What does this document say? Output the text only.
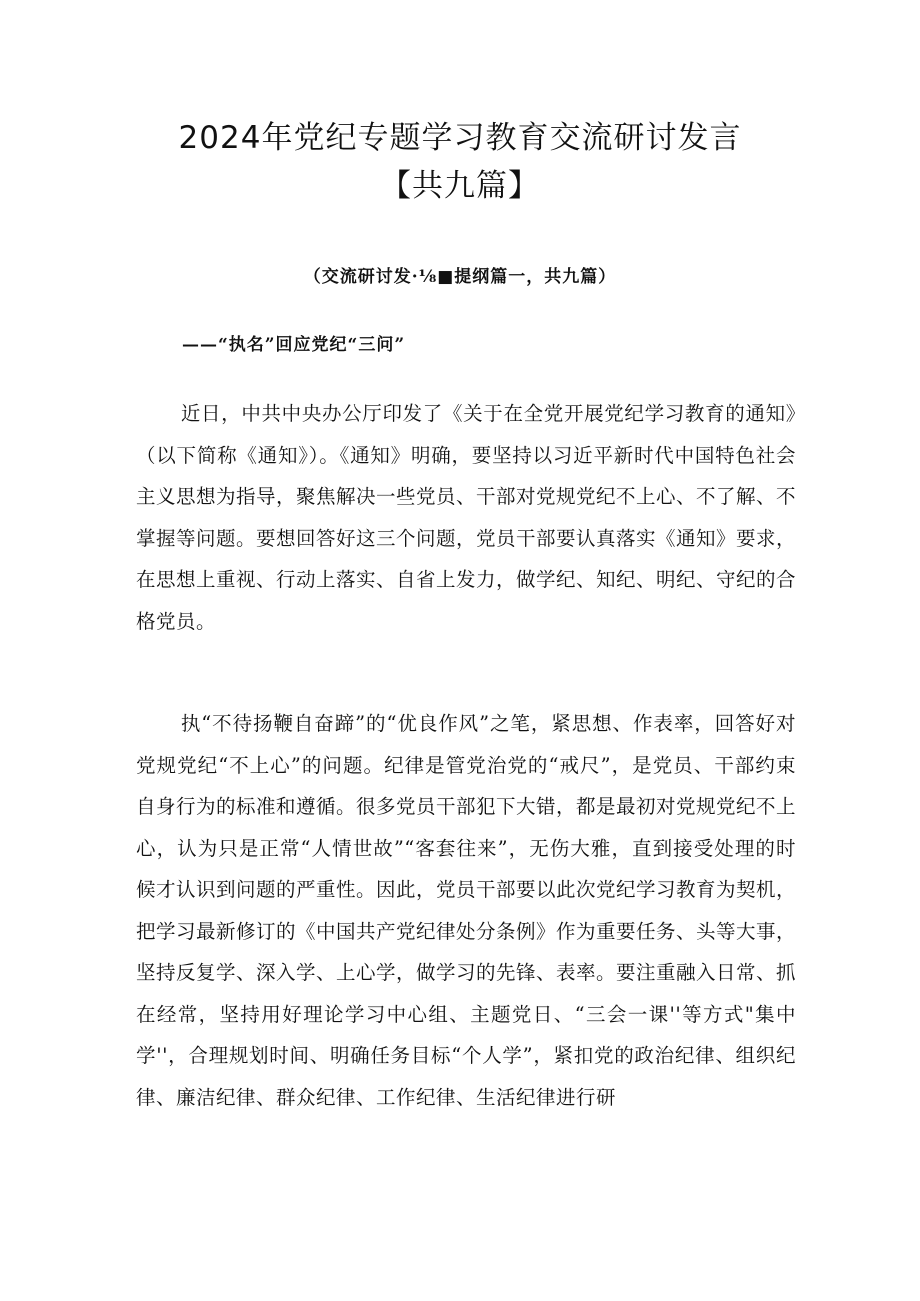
2024年党纪专题学习教育交流研讨发言
【共九篇】
（交流研讨发·⅛■提纲篇一，共九篇）
——“执名”回应党纪“三问”
近日，中共中央办公厅印发了《关于在全党开展党纪学习教育的通知》（以下简称《通知》）。《通知》明确，要坚持以习近平新时代中国特色社会主义思想为指导，聚焦解决一些党员、干部对党规党纪不上心、不了解、不掌握等问题。要想回答好这三个问题，党员干部要认真落实《通知》要求，在思想上重视、行动上落实、自省上发力，做学纪、知纪、明纪、守纪的合格党员。
执“不待扬鞭自奋蹄”的“优良作风”之笔，紧思想、作表率，回答好对党规党纪“不上心”的问题。纪律是管党治党的“戒尺”，是党员、干部约束自身行为的标准和遵循。很多党员干部犯下大错，都是最初对党规党纪不上心，认为只是正常“人情世故”“客套往来”，无伤大雅，直到接受处理的时候才认识到问题的严重性。因此，党员干部要以此次党纪学习教育为契机，把学习最新修订的《中国共产党纪律处分条例》作为重要任务、头等大事，坚持反复学、深入学、上心学，做学习的先锋、表率。要注重融入日常、抓在经常，坚持用好理论学习中心组、主题党日、“三会一课''等方式"集中学''，合理规划时间、明确任务目标“个人学”，紧扣党的政治纪律、组织纪律、廉洁纪律、群众纪律、工作纪律、生活纪律进行研
